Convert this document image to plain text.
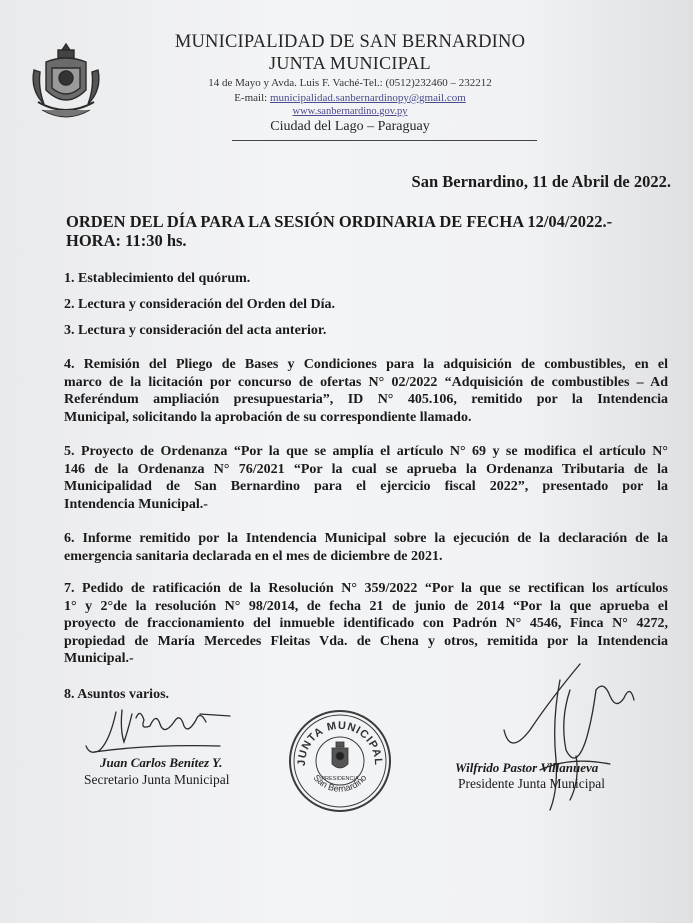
MUNICIPALIDAD DE SAN BERNARDINO
JUNTA MUNICIPAL
14 de Mayo y Avda. Luis F. Vaché-Tel.: (0512)232460 – 232212
E-mail: municipalidad.sanbernardinopy@gmail.com
www.sanbernardino.gov.py
Ciudad del Lago – Paraguay
San Bernardino, 11 de Abril de 2022.
ORDEN DEL DÍA PARA LA SESIÓN ORDINARIA DE FECHA 12/04/2022.-
HORA: 11:30 hs.
1. Establecimiento del quórum.
2. Lectura y consideración del Orden del Día.
3. Lectura y consideración del acta anterior.
4. Remisión del Pliego de Bases y Condiciones para la adquisición de combustibles, en el
marco de la licitación por concurso de ofertas N° 02/2022 “Adquisición de combustibles – Ad
Referéndum ampliación presupuestaria”, ID N° 405.106, remitido por la Intendencia
Municipal, solicitando la aprobación de su correspondiente llamado.
5. Proyecto de Ordenanza “Por la que se amplía el artículo N° 69 y se modifica el artículo N°
146 de la Ordenanza N° 76/2021 “Por la cual se aprueba la Ordenanza Tributaria de la
Municipalidad de San Bernardino para el ejercicio fiscal 2022”, presentado por la
Intendencia Municipal.-
6. Informe remitido por la Intendencia Municipal sobre la ejecución de la declaración de la
emergencia sanitaria declarada en el mes de diciembre de 2021.
7. Pedido de ratificación de la Resolución N° 359/2022 “Por la que se rectifican los artículos
1° y 2°de la resolución N° 98/2014, de fecha 21 de junio de 2014 “Por la que aprueba el
proyecto de fraccionamiento del inmueble identificado con Padrón N° 4546, Finca N° 4272,
propiedad de María Mercedes Fleitas Vda. de Chena y otros, remitida por la Intendencia
Municipal.-
8. Asuntos varios.
Juan Carlos Benítez Y.
Secretario Junta Municipal
JUNTA MUNICIPAL
San Bernardino
PRESIDENCIA
Wilfrido Pastor Villanueva
Presidente Junta Municipal
